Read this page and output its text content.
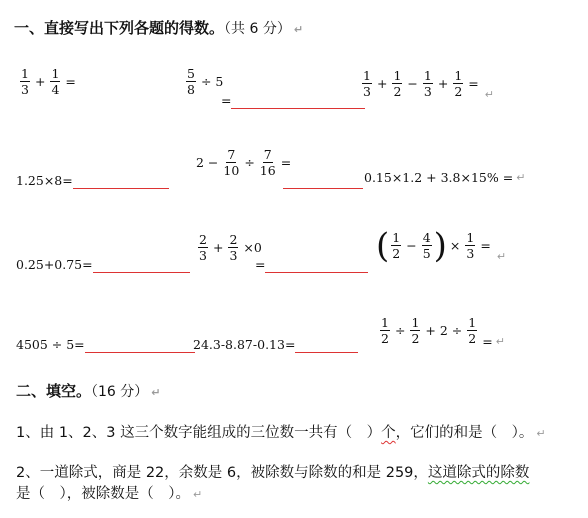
一、直接写出下列各题的得数。（共 6 分） ↵
$\frac{1}{3} + \frac{1}{4}$ =	$\frac{5}{8} \div 5$
=
$\frac{1}{3} + \frac{1}{2} - \frac{1}{3} + \frac{1}{2}$ =
↵
1.25×8=
$2 - \frac{7}{10} \div \frac{7}{16}$ =
0.15×1.2 + 3.8×15% = ↵
0.25+0.75=
$\frac{2}{3} + \frac{2}{3} \times 0$
=	( $\frac{1}{2} - \frac{4}{5}$ ) × $\frac{1}{3}$ =
↵
4505 ÷ 5=	24.3-8.87-0.13=	$\frac{1}{2} \div \frac{1}{2} + 2 \div \frac{1}{2}$ = ↵
二、填空。（16 分） ↵
1、由 1、2、3 这三个数字能组成的三位数一共有（　）个，它们的和是（　）。 ↵
2、一道除式，商是 22，余数是 6，被除数与除数的和是 259，这道除式的除数
是（　），被除数是（　）。 ↵
